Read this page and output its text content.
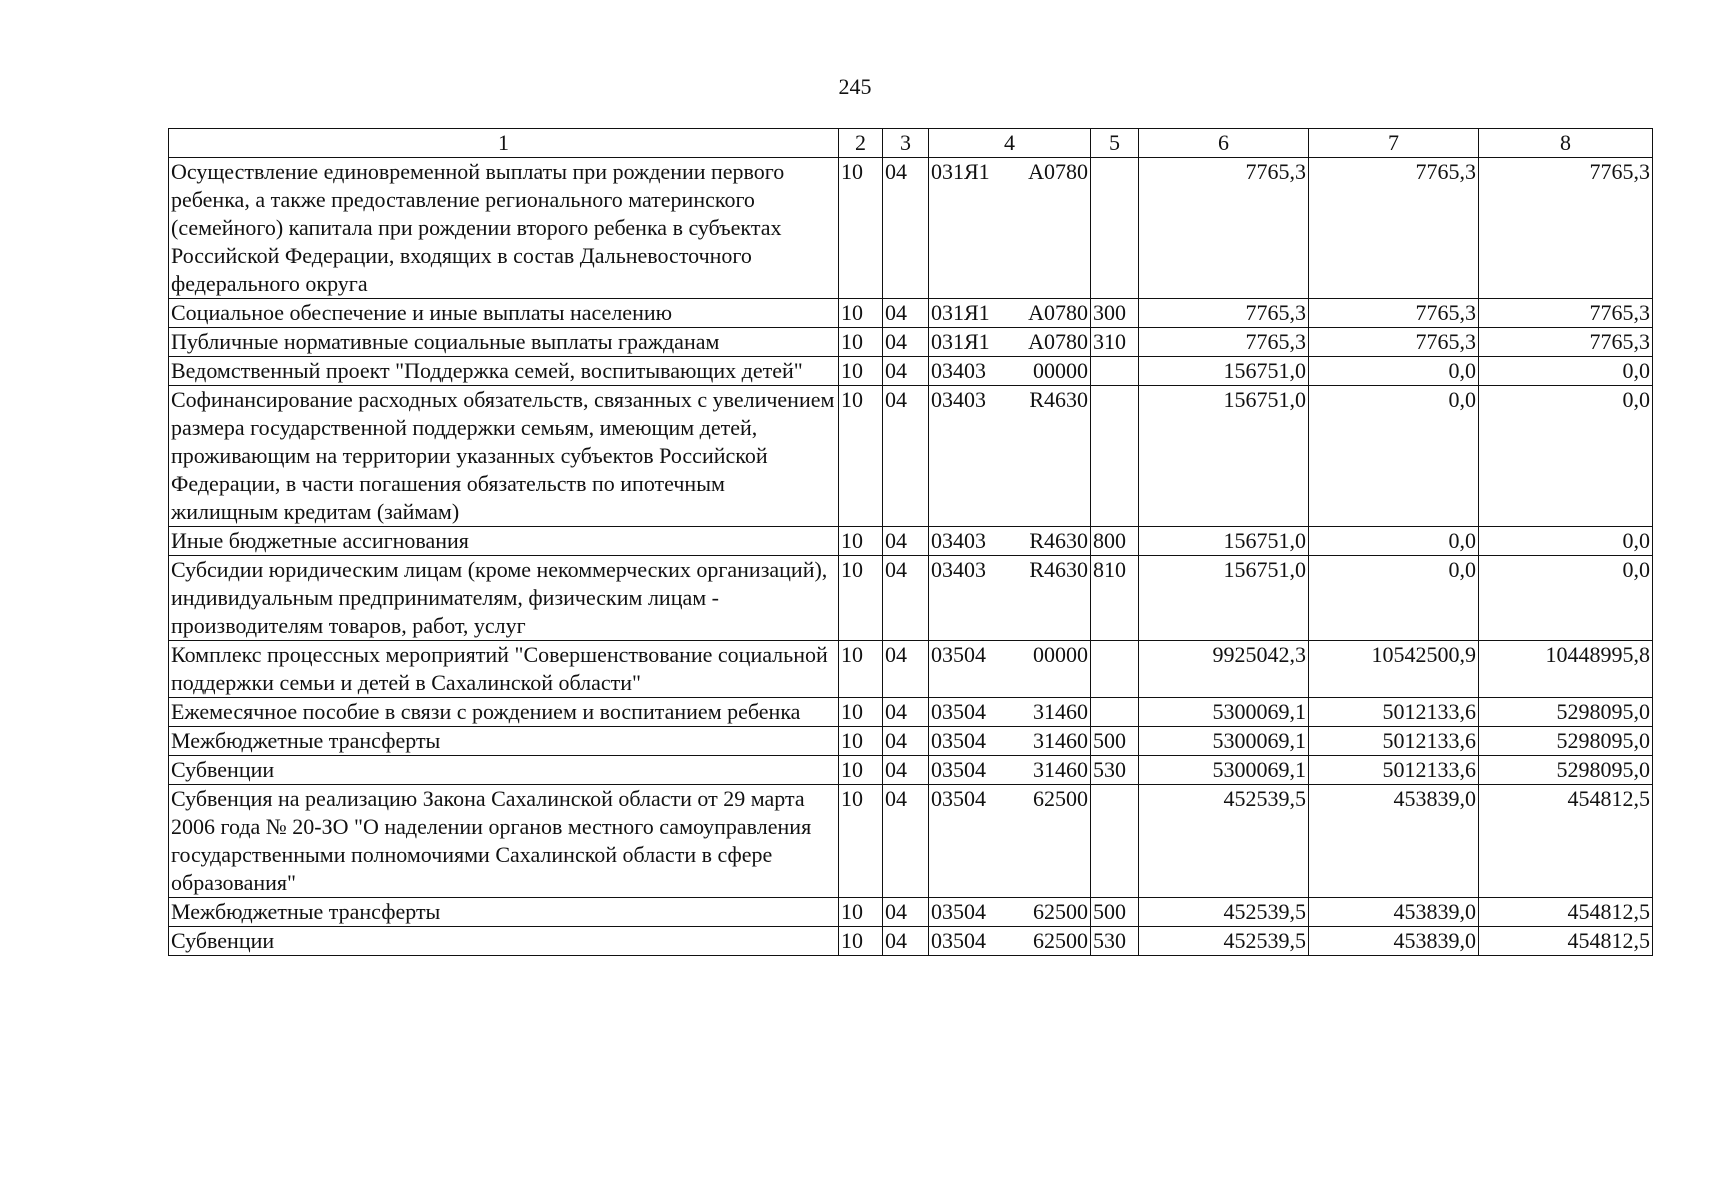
245
1	2	3	4	5	6	7	8
Осуществление единовременной выплаты при рождении первого ребенка, а также предоставление регионального материнского (семейного) капитала при рождении второго ребенка в субъектах Российской Федерации, входящих в состав Дальневосточного федерального округа	10	04	031Я1 A0780		7765,3	7765,3	7765,3
Социальное обеспечение и иные выплаты населению	10	04	031Я1 A0780	300	7765,3	7765,3	7765,3
Публичные нормативные социальные выплаты гражданам	10	04	031Я1 A0780	310	7765,3	7765,3	7765,3
Ведомственный проект "Поддержка семей, воспитывающих детей"	10	04	03403 00000		156751,0	0,0	0,0
Софинансирование расходных обязательств, связанных с увеличением размера государственной поддержки семьям, имеющим детей, проживающим на территории указанных субъектов Российской Федерации, в части погашения обязательств по ипотечным жилищным кредитам (займам)	10	04	03403 R4630		156751,0	0,0	0,0
Иные бюджетные ассигнования	10	04	03403 R4630	800	156751,0	0,0	0,0
Субсидии юридическим лицам (кроме некоммерческих организаций), индивидуальным предпринимателям, физическим лицам - производителям товаров, работ, услуг	10	04	03403 R4630	810	156751,0	0,0	0,0
Комплекс процессных мероприятий "Совершенствование социальной поддержки семьи и детей в Сахалинской области"	10	04	03504 00000		9925042,3	10542500,9	10448995,8
Ежемесячное пособие в связи с рождением и воспитанием ребенка	10	04	03504 31460		5300069,1	5012133,6	5298095,0
Межбюджетные трансферты	10	04	03504 31460	500	5300069,1	5012133,6	5298095,0
Субвенции	10	04	03504 31460	530	5300069,1	5012133,6	5298095,0
Субвенция на реализацию Закона Сахалинской области от 29 марта 2006 года № 20-ЗО "О наделении органов местного самоуправления государственными полномочиями Сахалинской области в сфере образования"	10	04	03504 62500		452539,5	453839,0	454812,5
Межбюджетные трансферты	10	04	03504 62500	500	452539,5	453839,0	454812,5
Субвенции	10	04	03504 62500	530	452539,5	453839,0	454812,5
